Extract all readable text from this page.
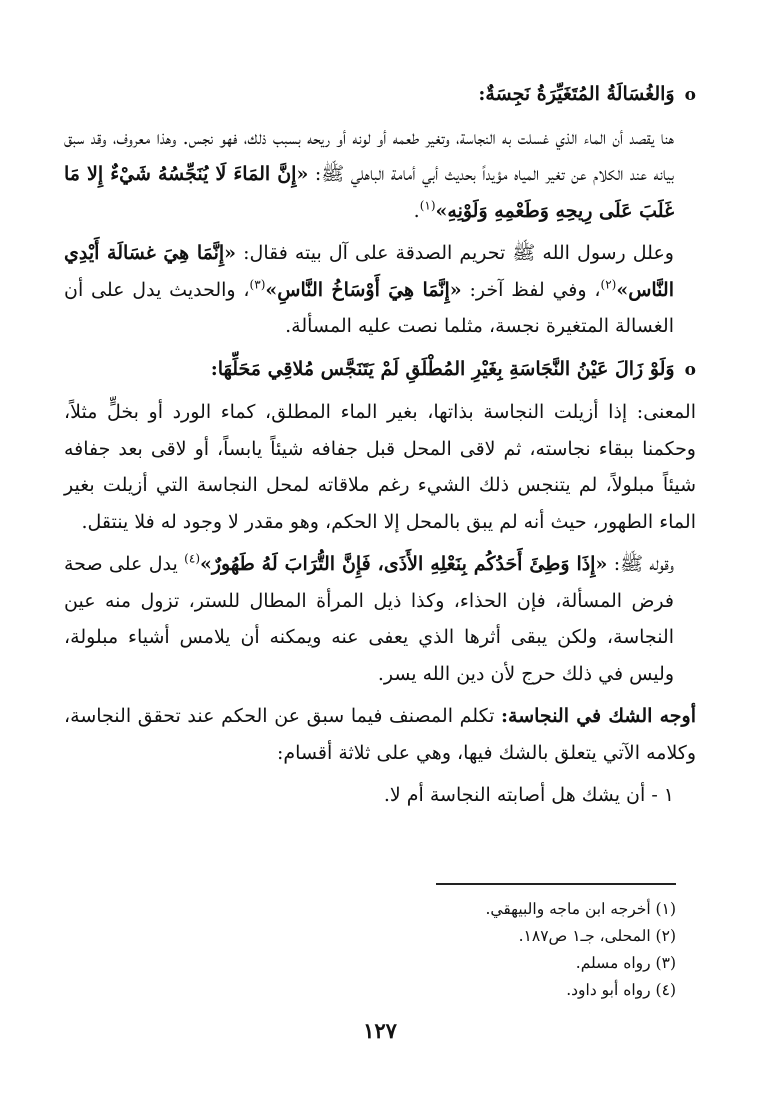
o وَالغُسَالَةُ المُتَغَيِّرَةُ نَجِسَةٌ:

هنا يقصد أن الماء الذي غسلت به النجاسة، وتغير طعمه أو لونه أو ريحه بسبب ذلك، فهو نجس. وهذا معروف، وقد سبق بيانه عند الكلام عن تغير المياه مؤيداً بحديث أبي أمامة الباهلي ﷺ: «إِنَّ المَاءَ لَا يُنَجِّسُهُ شَيْءٌ إِلا مَا غَلَبَ عَلَى رِيحِهِ وَطَعْمِهِ وَلَوْنِهِ»$^{(١)}$.

وعلل رسول الله ﷺ تحريم الصدقة على آل بيته فقال: «إِنَّمَا هِيَ غسَالَة أَيْدِي النَّاس»$^{(٢)}$، وفي لفظ آخر: «إِنَّمَا هِيَ أَوْسَاخُ النَّاسِ»$^{(٣)}$، والحديث يدل على أن الغسالة المتغيرة نجسة، مثلما نصت عليه المسألة.

o وَلَوْ زَالَ عَيْنُ النَّجَاسَةِ بِغَيْرِ المُطْلَقِ لَمْ يَتَنَجَّس مُلاقِي مَحَلِّهَا:

المعنى: إذا أزيلت النجاسة بذاتها، بغير الماء المطلق، كماء الورد أو بخلٍّ مثلاً، وحكمنا ببقاء نجاسته، ثم لاقى المحل قبل جفافه شيئاً يابساً، أو لاقى بعد جفافه شيئاً مبلولاً، لم يتنجس ذلك الشيء رغم ملاقاته لمحل النجاسة التي أزيلت بغير الماء الطهور، حيث أنه لم يبق بالمحل إلا الحكم، وهو مقدر لا وجود له فلا ينتقل.

وقوله ﷺ: «إِذَا وَطِئَ أَحَدُكُم بِنَعْلِهِ الأَذَى، فَإِنَّ التُّرَابَ لَهُ طَهُورٌ»$^{(٤)}$ يدل على صحة فرض المسألة، فإن الحذاء، وكذا ذيل المرأة المطال للستر، تزول منه عين النجاسة، ولكن يبقى أثرها الذي يعفى عنه ويمكنه أن يلامس أشياء مبلولة، وليس في ذلك حرج لأن دين الله يسر.

أوجه الشك في النجاسة: تكلم المصنف فيما سبق عن الحكم عند تحقق النجاسة، وكلامه الآتي يتعلق بالشك فيها، وهي على ثلاثة أقسام:

١ - أن يشك هل أصابته النجاسة أم لا.

(١) أخرجه ابن ماجه والبيهقي.
(٢) المحلى، جـ١ ص١٨٧.
(٣) رواه مسلم.
(٤) رواه أبو داود.
١٢٧
